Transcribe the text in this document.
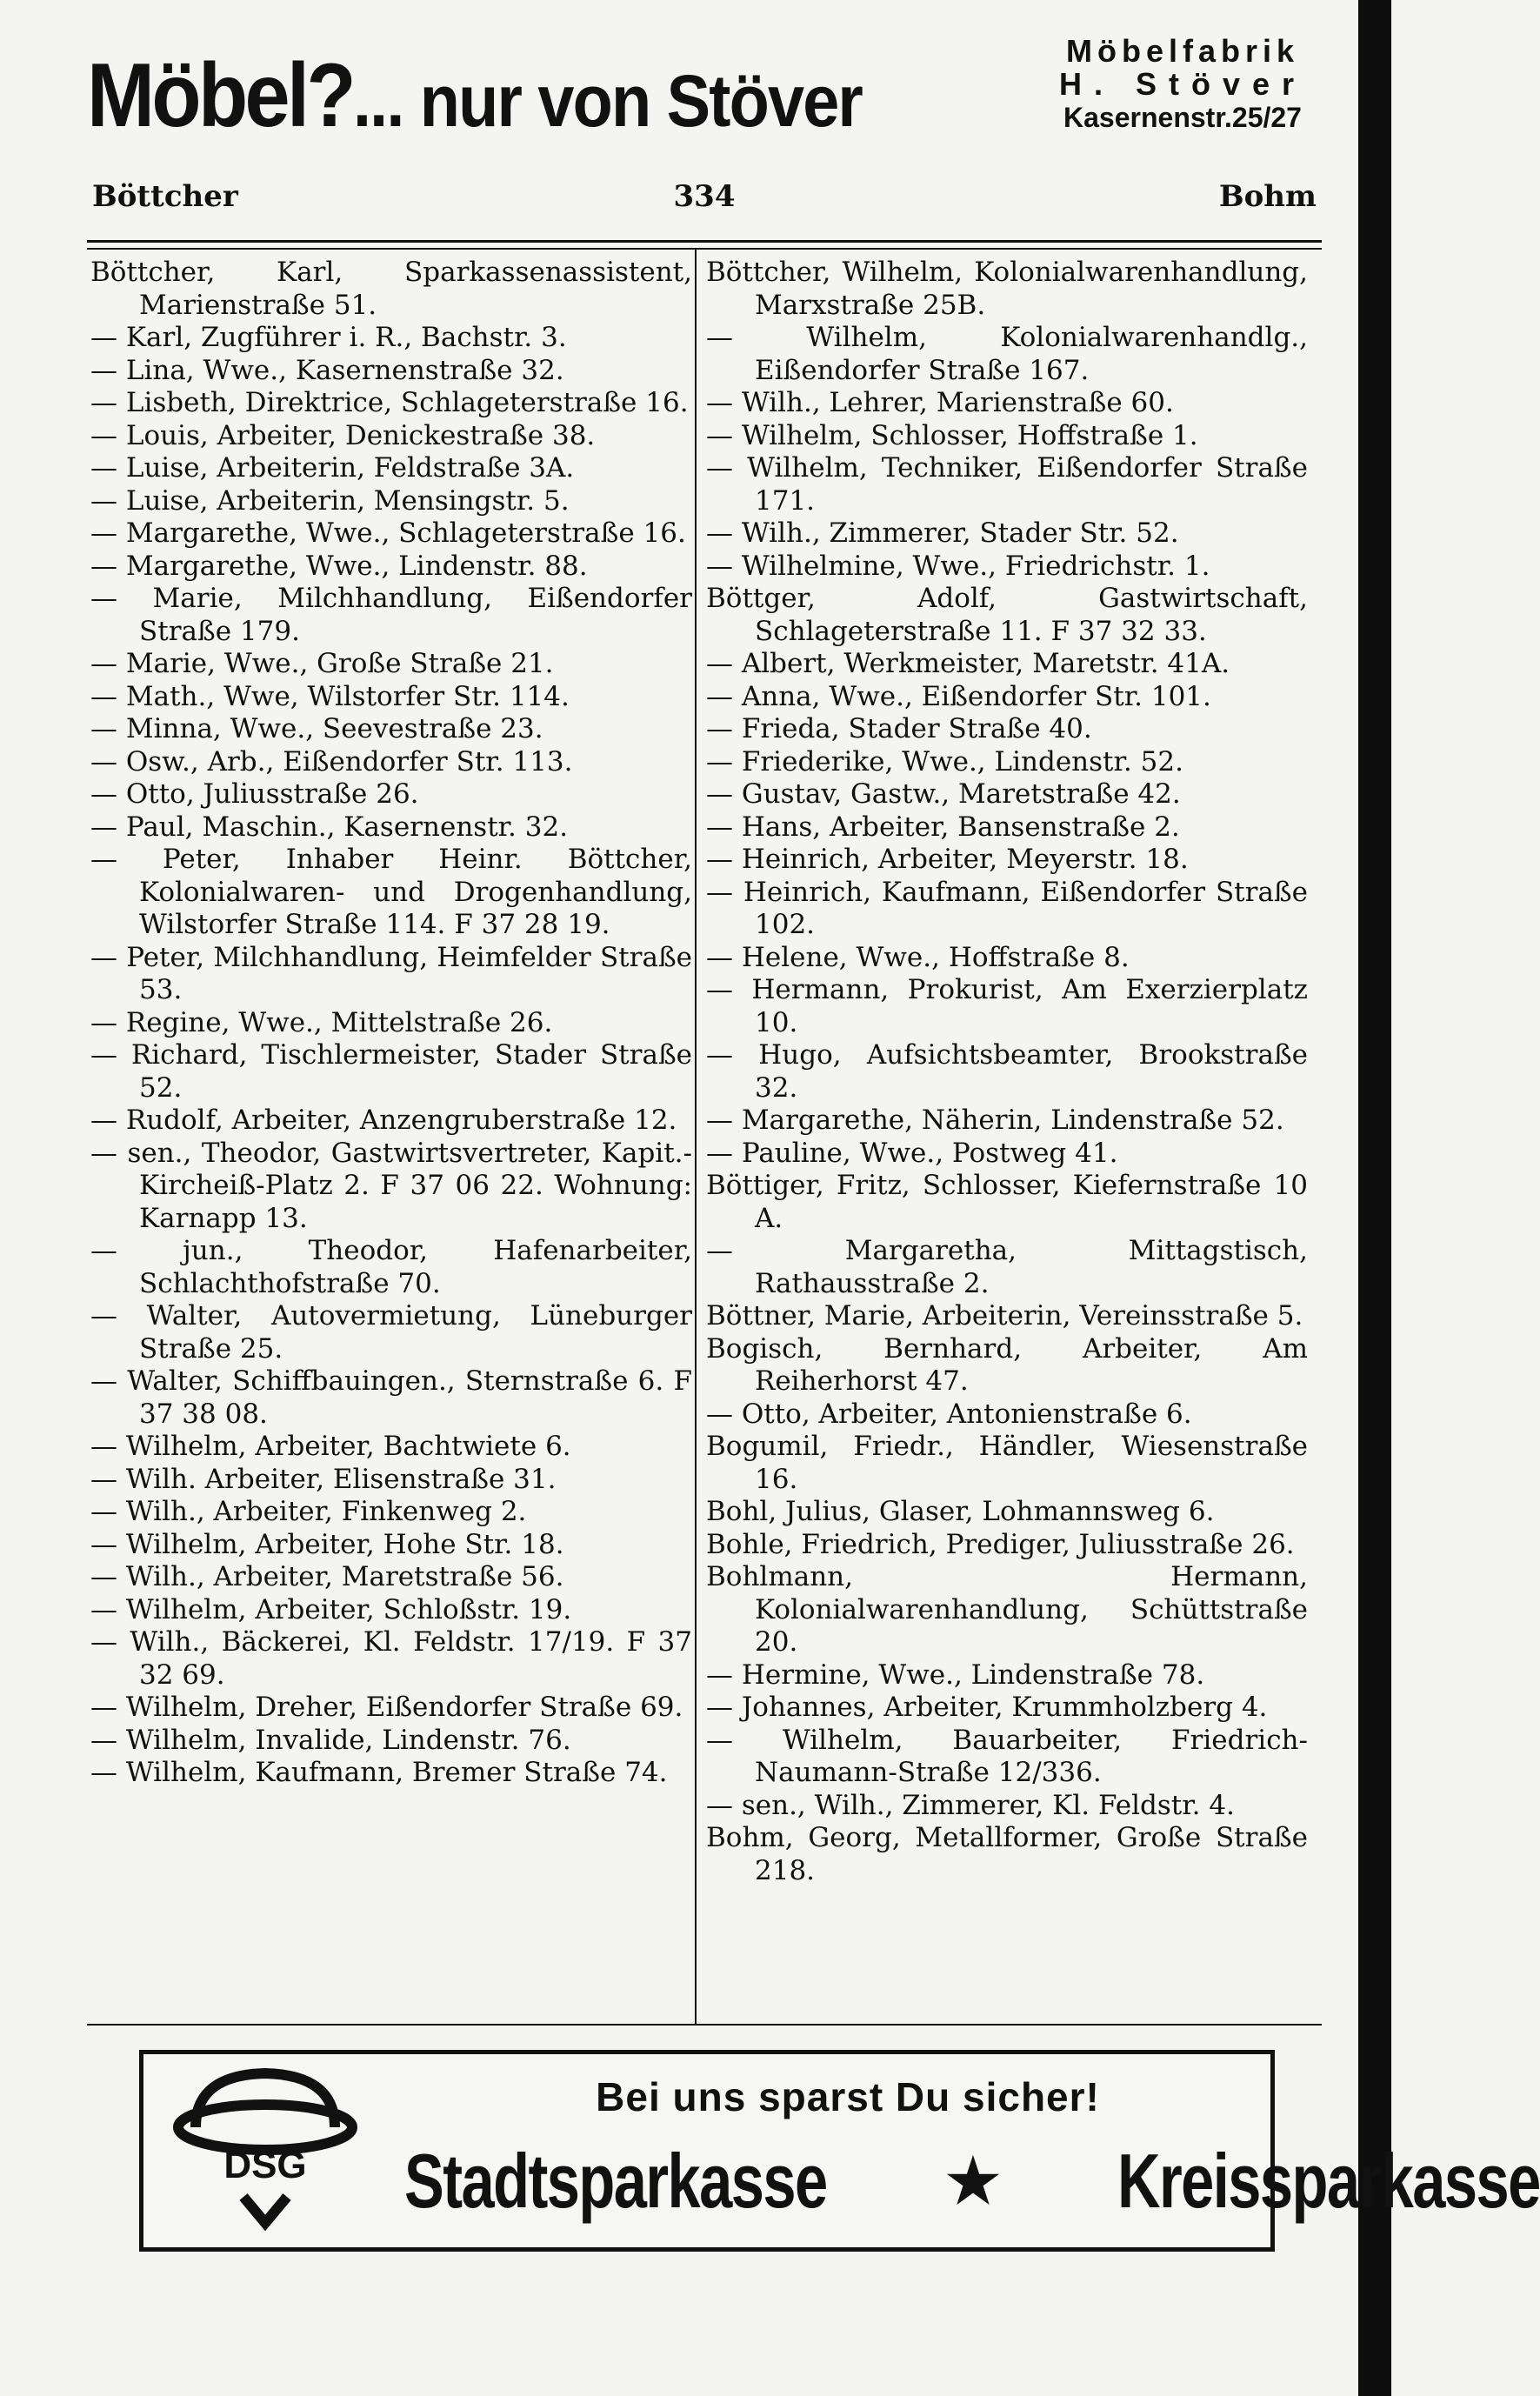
Möbel?... nur von Stöver
Möbelfabrik
H. Stöver
Kasernenstr.25/27
Böttcher	334	Bohm
Böttcher, Karl, Sparkassenassistent, Marienstraße 51.
— Karl, Zugführer i. R., Bachstr. 3.
— Lina, Wwe., Kasernenstraße 32.
— Lisbeth, Direktrice, Schlageterstraße 16.
— Louis, Arbeiter, Denickestraße 38.
— Luise, Arbeiterin, Feldstraße 3A.
— Luise, Arbeiterin, Mensingstr. 5.
— Margarethe, Wwe., Schlageterstraße 16.
— Margarethe, Wwe., Lindenstr. 88.
— Marie, Milchhandlung, Eißendorfer Straße 179.
— Marie, Wwe., Große Straße 21.
— Math., Wwe, Wilstorfer Str. 114.
— Minna, Wwe., Seevestraße 23.
— Osw., Arb., Eißendorfer Str. 113.
— Otto, Juliusstraße 26.
— Paul, Maschin., Kasernenstr. 32.
— Peter, Inhaber Heinr. Böttcher, Kolonialwaren- und Drogenhandlung, Wilstorfer Straße 114. F 37 28 19.
— Peter, Milchhandlung, Heimfelder Straße 53.
— Regine, Wwe., Mittelstraße 26.
— Richard, Tischlermeister, Stader Straße 52.
— Rudolf, Arbeiter, Anzengruberstraße 12.
— sen., Theodor, Gastwirtsvertreter, Kapit.-Kircheiß-Platz 2. F 37 06 22. Wohnung: Karnapp 13.
— jun., Theodor, Hafenarbeiter, Schlachthofstraße 70.
— Walter, Autovermietung, Lüneburger Straße 25.
— Walter, Schiffbauingen., Sternstraße 6. F 37 38 08.
— Wilhelm, Arbeiter, Bachtwiete 6.
— Wilh. Arbeiter, Elisenstraße 31.
— Wilh., Arbeiter, Finkenweg 2.
— Wilhelm, Arbeiter, Hohe Str. 18.
— Wilh., Arbeiter, Maretstraße 56.
— Wilhelm, Arbeiter, Schloßstr. 19.
— Wilh., Bäckerei, Kl. Feldstr. 17/19. F 37 32 69.
— Wilhelm, Dreher, Eißendorfer Straße 69.
— Wilhelm, Invalide, Lindenstr. 76.
— Wilhelm, Kaufmann, Bremer Straße 74.
Böttcher, Wilhelm, Kolonialwarenhandlung, Marxstraße 25B.
— Wilhelm, Kolonialwarenhandlg., Eißendorfer Straße 167.
— Wilh., Lehrer, Marienstraße 60.
— Wilhelm, Schlosser, Hoffstraße 1.
— Wilhelm, Techniker, Eißendorfer Straße 171.
— Wilh., Zimmerer, Stader Str. 52.
— Wilhelmine, Wwe., Friedrichstr. 1.
Böttger, Adolf, Gastwirtschaft, Schlageterstraße 11. F 37 32 33.
— Albert, Werkmeister, Maretstr. 41A.
— Anna, Wwe., Eißendorfer Str. 101.
— Frieda, Stader Straße 40.
— Friederike, Wwe., Lindenstr. 52.
— Gustav, Gastw., Maretstraße 42.
— Hans, Arbeiter, Bansenstraße 2.
— Heinrich, Arbeiter, Meyerstr. 18.
— Heinrich, Kaufmann, Eißendorfer Straße 102.
— Helene, Wwe., Hoffstraße 8.
— Hermann, Prokurist, Am Exerzierplatz 10.
— Hugo, Aufsichtsbeamter, Brookstraße 32.
— Margarethe, Näherin, Lindenstraße 52.
— Pauline, Wwe., Postweg 41.
Böttiger, Fritz, Schlosser, Kiefernstraße 10 A.
— Margaretha, Mittagstisch, Rathausstraße 2.
Böttner, Marie, Arbeiterin, Vereinsstraße 5.
Bogisch, Bernhard, Arbeiter, Am Reiherhorst 47.
— Otto, Arbeiter, Antonienstraße 6.
Bogumil, Friedr., Händler, Wiesenstraße 16.
Bohl, Julius, Glaser, Lohmannsweg 6.
Bohle, Friedrich, Prediger, Juliusstraße 26.
Bohlmann, Hermann, Kolonialwarenhandlung, Schüttstraße 20.
— Hermine, Wwe., Lindenstraße 78.
— Johannes, Arbeiter, Krummholzberg 4.
— Wilhelm, Bauarbeiter, Friedrich-Naumann-Straße 12/336.
— sen., Wilh., Zimmerer, Kl. Feldstr. 4.
Bohm, Georg, Metallformer, Große Straße 218.
DSG
Bei uns sparst Du sicher!
Stadtsparkasse ★ Kreissparkasse
